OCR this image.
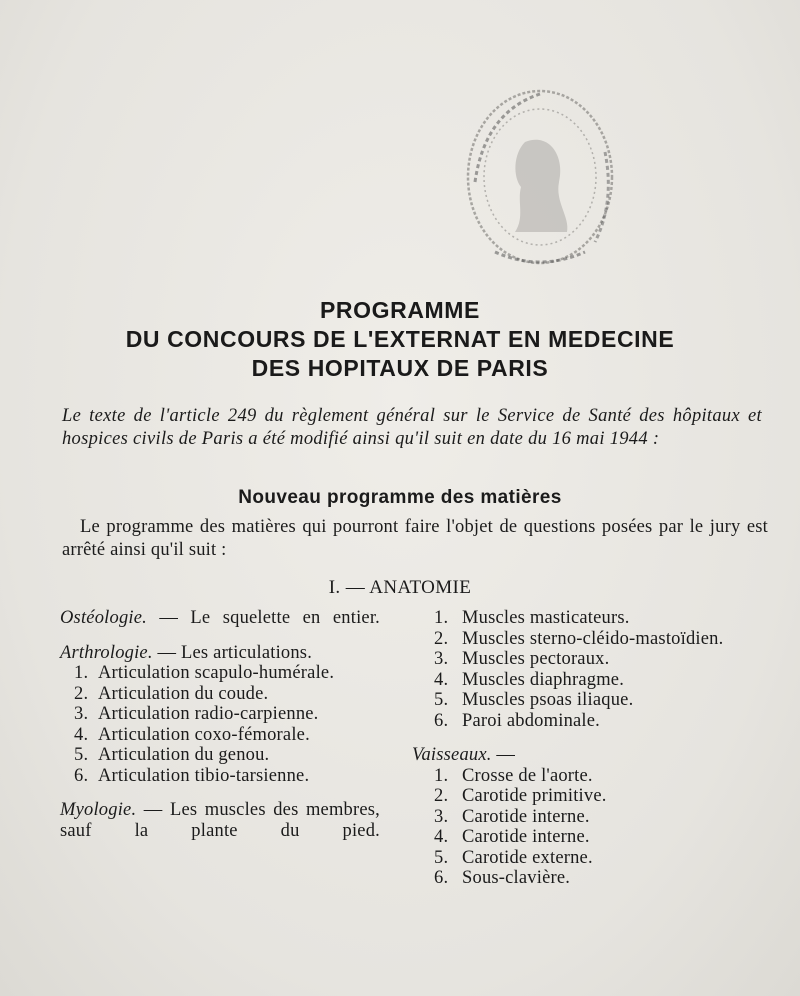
PROGRAMME
DU CONCOURS DE L'EXTERNAT EN MEDECINE
DES HOPITAUX DE PARIS
Le texte de l'article 249 du règlement général sur le Service de Santé des hôpitaux et hospices civils de Paris a été modifié ainsi qu'il suit en date du 16 mai 1944 :
Nouveau programme des matières
Le programme des matières qui pourront faire l'objet de questions posées par le jury est arrêté ainsi qu'il suit :
I. — ANATOMIE
Ostéologie. — Le squelette en entier.
Arthrologie. — Les articulations.
1. Articulation scapulo-humérale.
2. Articulation du coude.
3. Articulation radio-carpienne.
4. Articulation coxo-fémorale.
5. Articulation du genou.
6. Articulation tibio-tarsienne.
Myologie. — Les muscles des membres, sauf la plante du pied.
1. Muscles masticateurs.
2. Muscles sterno-cléido-mastoïdien.
3. Muscles pectoraux.
4. Muscles diaphragme.
5. Muscles psoas iliaque.
6. Paroi abdominale.
Vaisseaux. —
1. Crosse de l'aorte.
2. Carotide primitive.
3. Carotide interne.
4. Carotide interne.
5. Carotide externe.
6. Sous-clavière.
